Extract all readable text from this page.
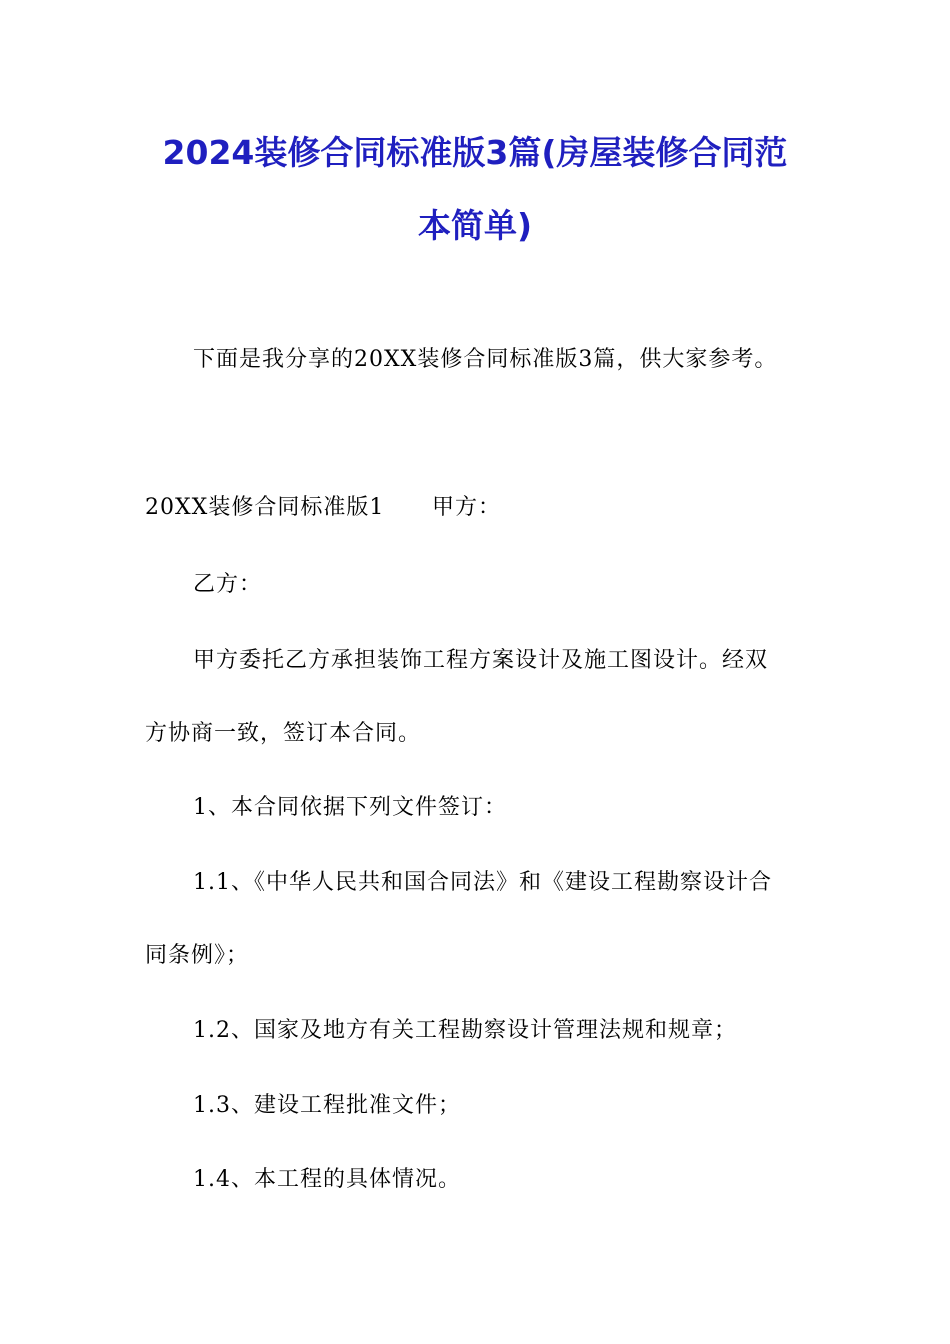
2024装修合同标准版3篇(房屋装修合同范
本简单)

下面是我分享的20XX装修合同标准版3篇，供大家参考。

20XX装修合同标准版1 甲方：

乙方：

甲方委托乙方承担装饰工程方案设计及施工图设计。经双

方协商一致，签订本合同。

1、本合同依据下列文件签订：

1.1、《中华人民共和国合同法》和《建设工程勘察设计合

同条例》；

1.2、国家及地方有关工程勘察设计管理法规和规章；

1.3、建设工程批准文件；

1.4、本工程的具体情况。
